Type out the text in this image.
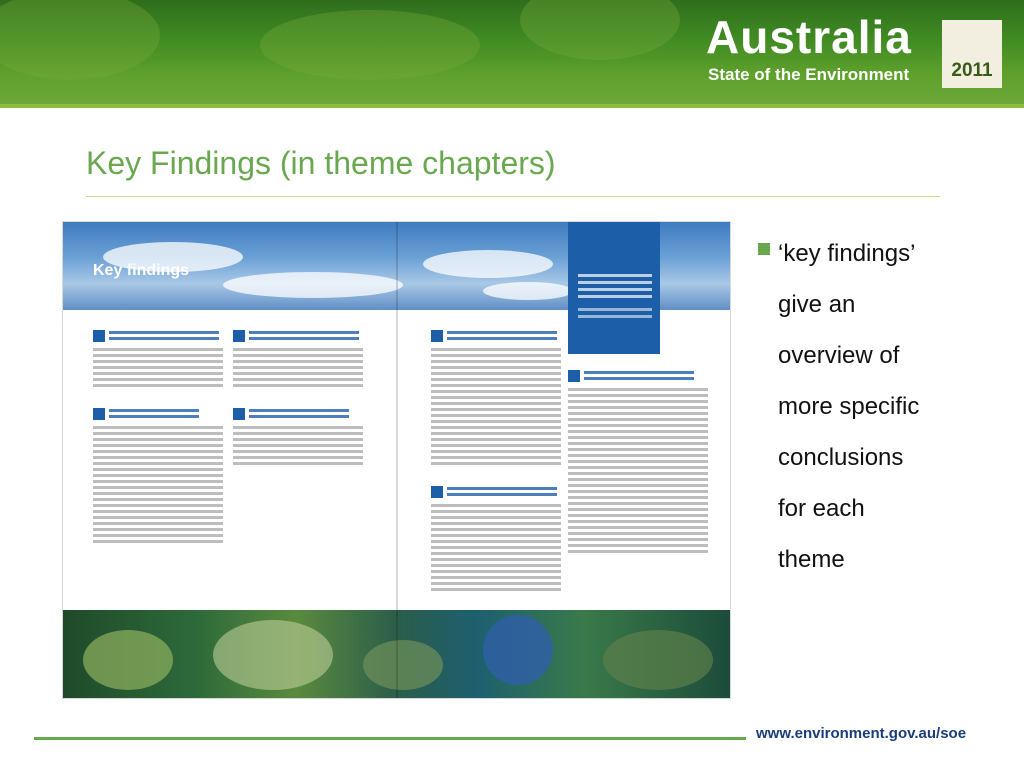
Australia
State of the Environment	2011
Key Findings (in theme chapters)
Key findings
‘key findings’
give an
overview of
more specific
conclusions
for each
theme
www.environment.gov.au/soe
